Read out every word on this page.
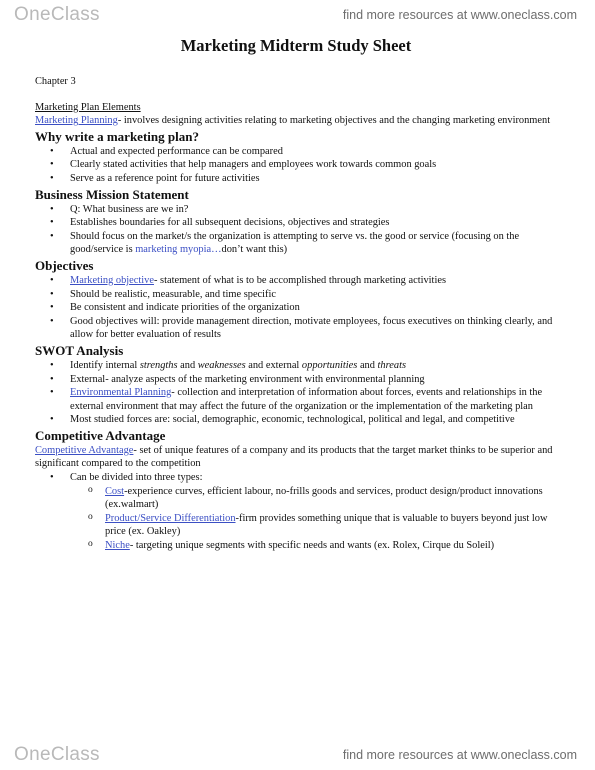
OneClass	find more resources at www.oneclass.com
Marketing Midterm Study Sheet

Chapter 3

Marketing Plan Elements

Marketing Planning- involves designing activities relating to marketing objectives and the changing marketing environment

Why write a marketing plan?
• Actual and expected performance can be compared
• Clearly stated activities that help managers and employees work towards common goals
• Serve as a reference point for future activities
Business Mission Statement
• Q: What business are we in?
• Establishes boundaries for all subsequent decisions, objectives and strategies
• Should focus on the market/s the organization is attempting to serve vs. the good or service (focusing on the good/service is marketing myopia…don’t want this)
Objectives
• Marketing objective- statement of what is to be accomplished through marketing activities
• Should be realistic, measurable, and time specific
• Be consistent and indicate priorities of the organization
• Good objectives will: provide management direction, motivate employees, focus executives on thinking clearly, and allow for better evaluation of results
SWOT Analysis
• Identify internal strengths and weaknesses and external opportunities and threats
• External- analyze aspects of the marketing environment with environmental planning
• Environmental Planning- collection and interpretation of information about forces, events and relationships in the external environment that may affect the future of the organization or the implementation of the marketing plan
• Most studied forces are: social, demographic, economic, technological, political and legal, and competitive
Competitive Advantage

Competitive Advantage- set of unique features of a company and its products that the target market thinks to be superior and significant compared to the competition

• Can be divided into three types:
o Cost-experience curves, efficient labour, no-frills goods and services, product design/product innovations (ex.walmart)
o Product/Service Differentiation-firm provides something unique that is valuable to buyers beyond just low price (ex. Oakley)
o Niche- targeting unique segments with specific needs and wants (ex. Rolex, Cirque du Soleil)
OneClass	find more resources at www.oneclass.com
